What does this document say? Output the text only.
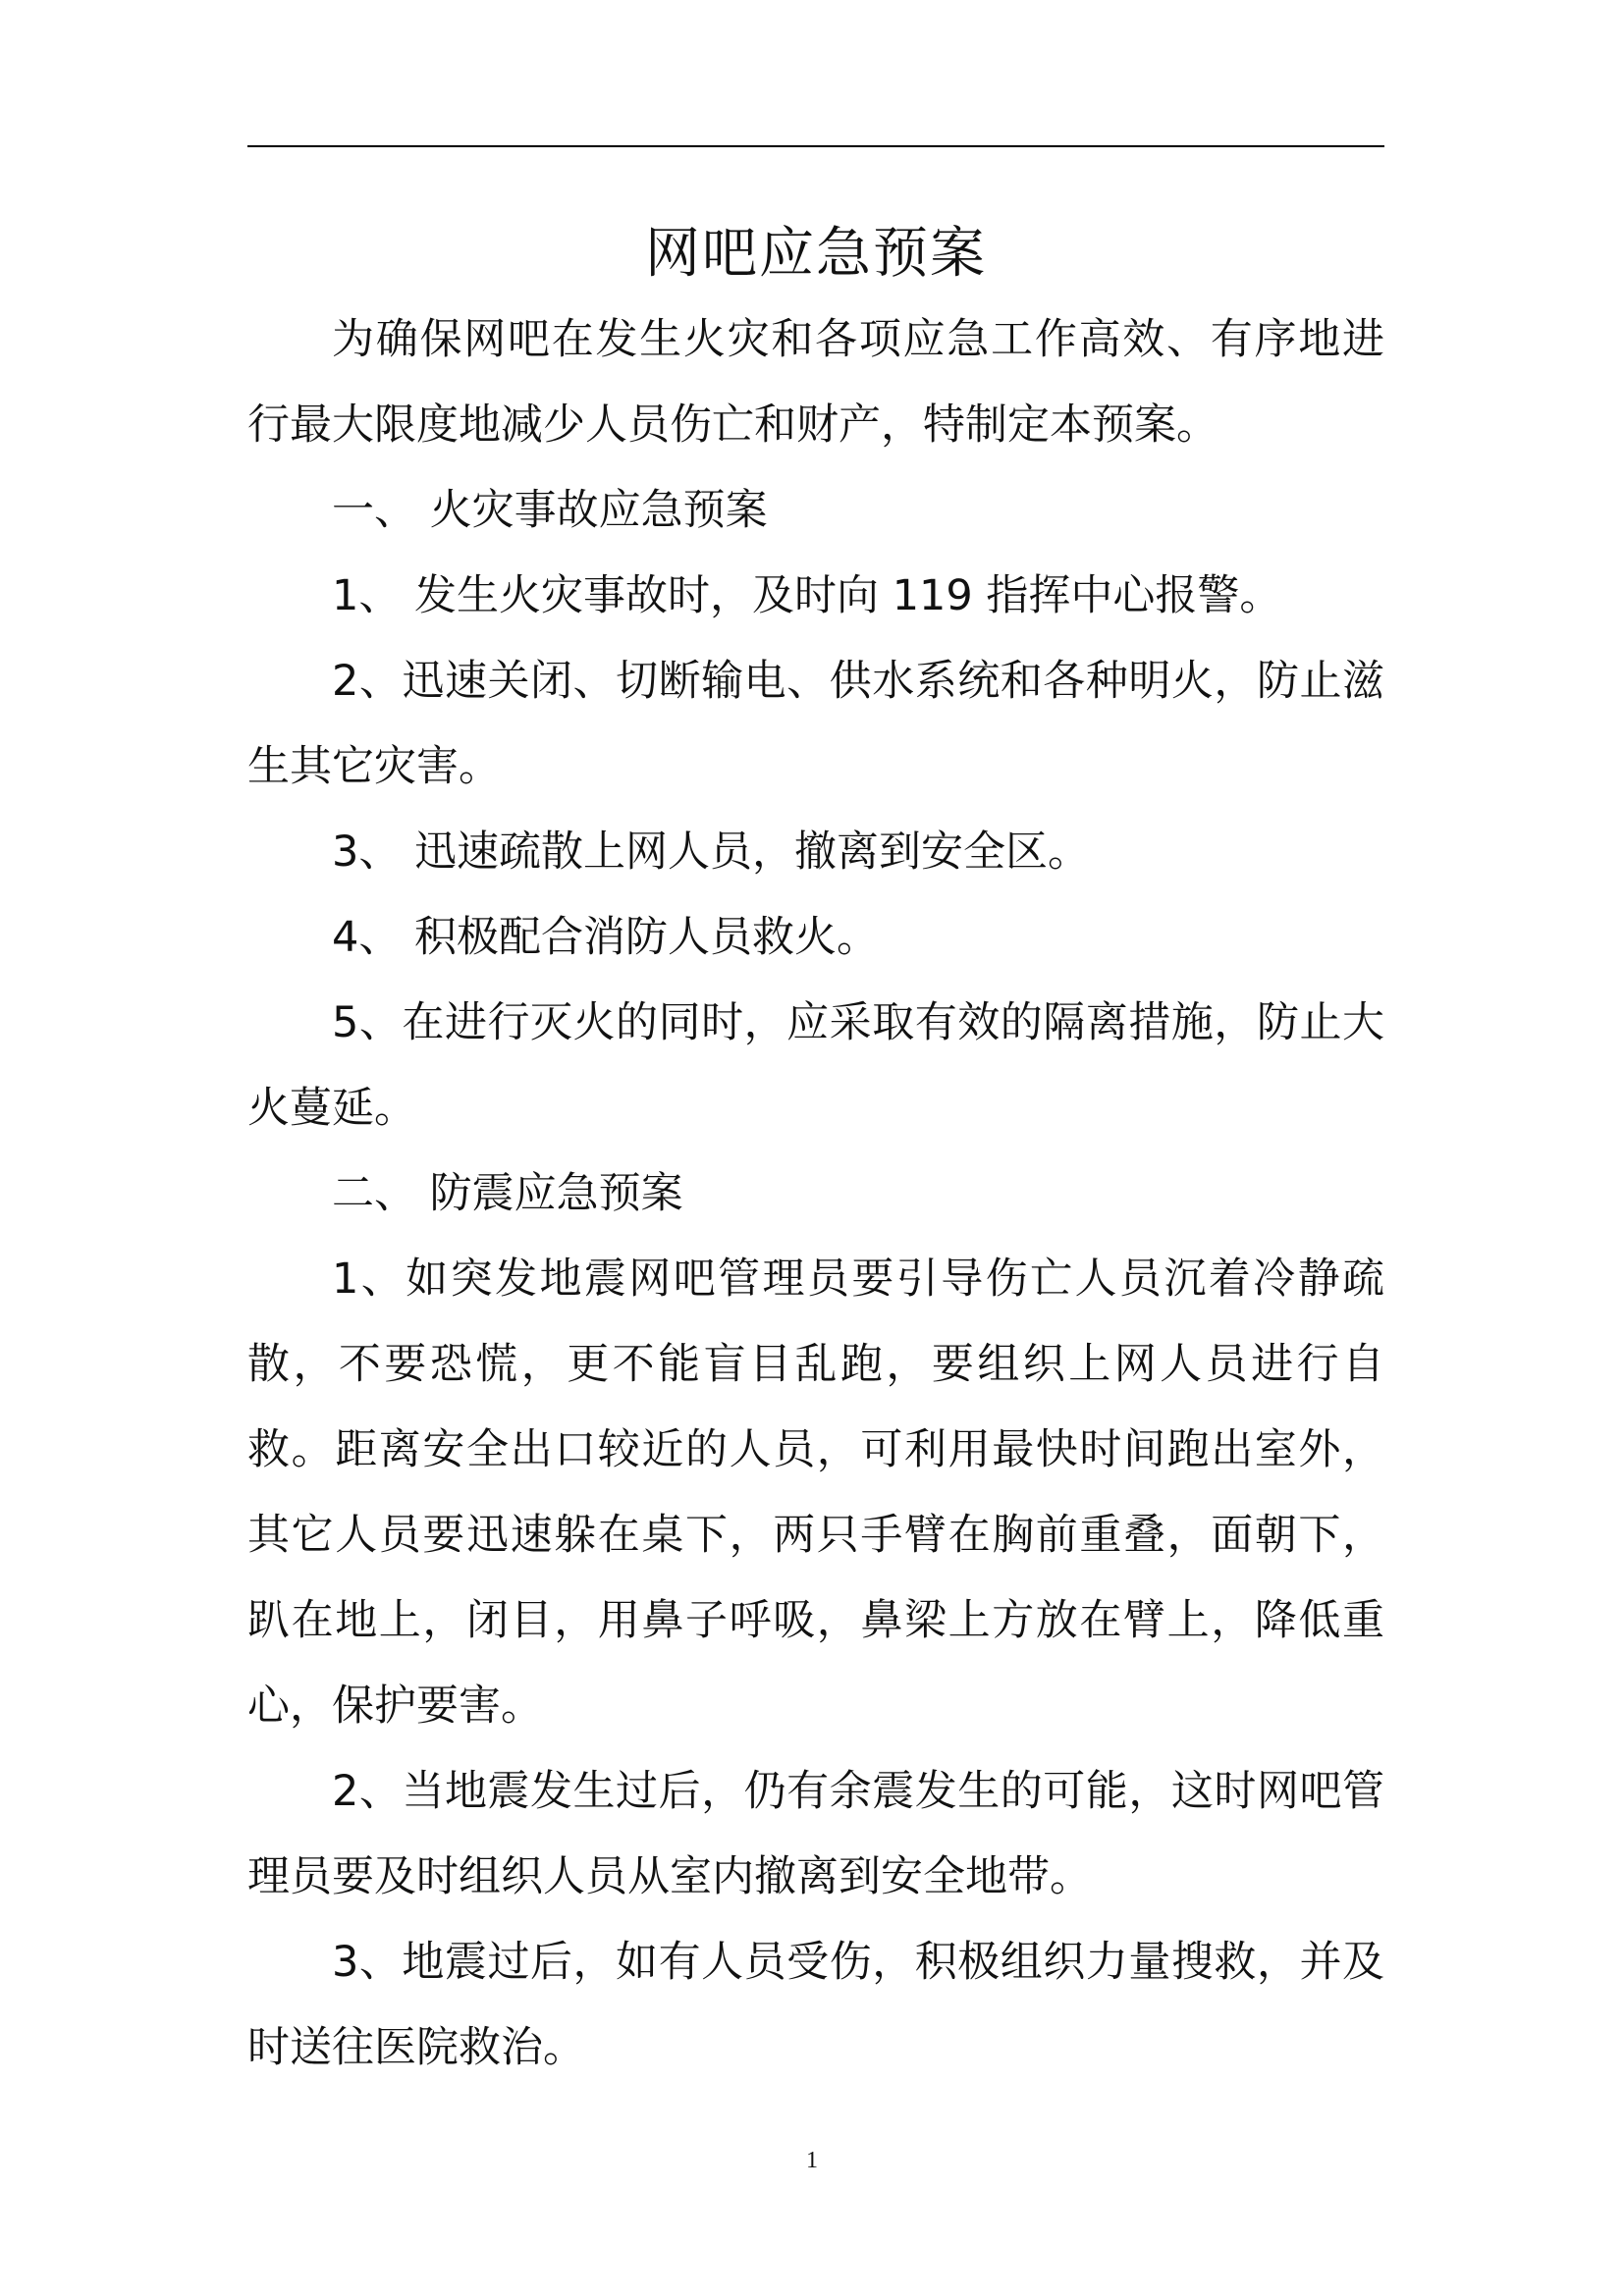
网吧应急预案

为确保网吧在发生火灾和各项应急工作高效、有序地进行最大限度地减少人员伤亡和财产，特制定本预案。

一、 火灾事故应急预案

1、 发生火灾事故时，及时向 119 指挥中心报警。

2、迅速关闭、切断输电、供水系统和各种明火，防止滋生其它灾害。

3、 迅速疏散上网人员，撤离到安全区。

4、 积极配合消防人员救火。

5、在进行灭火的同时，应采取有效的隔离措施，防止大火蔓延。

二、 防震应急预案

1、如突发地震网吧管理员要引导伤亡人员沉着冷静疏散，不要恐慌，更不能盲目乱跑，要组织上网人员进行自救。距离安全出口较近的人员，可利用最快时间跑出室外，其它人员要迅速躲在桌下，两只手臂在胸前重叠，面朝下，趴在地上，闭目，用鼻子呼吸，鼻梁上方放在臂上，降低重心，保护要害。

2、当地震发生过后，仍有余震发生的可能，这时网吧管理员要及时组织人员从室内撤离到安全地带。

3、地震过后，如有人员受伤，积极组织力量搜救，并及时送往医院救治。

1
